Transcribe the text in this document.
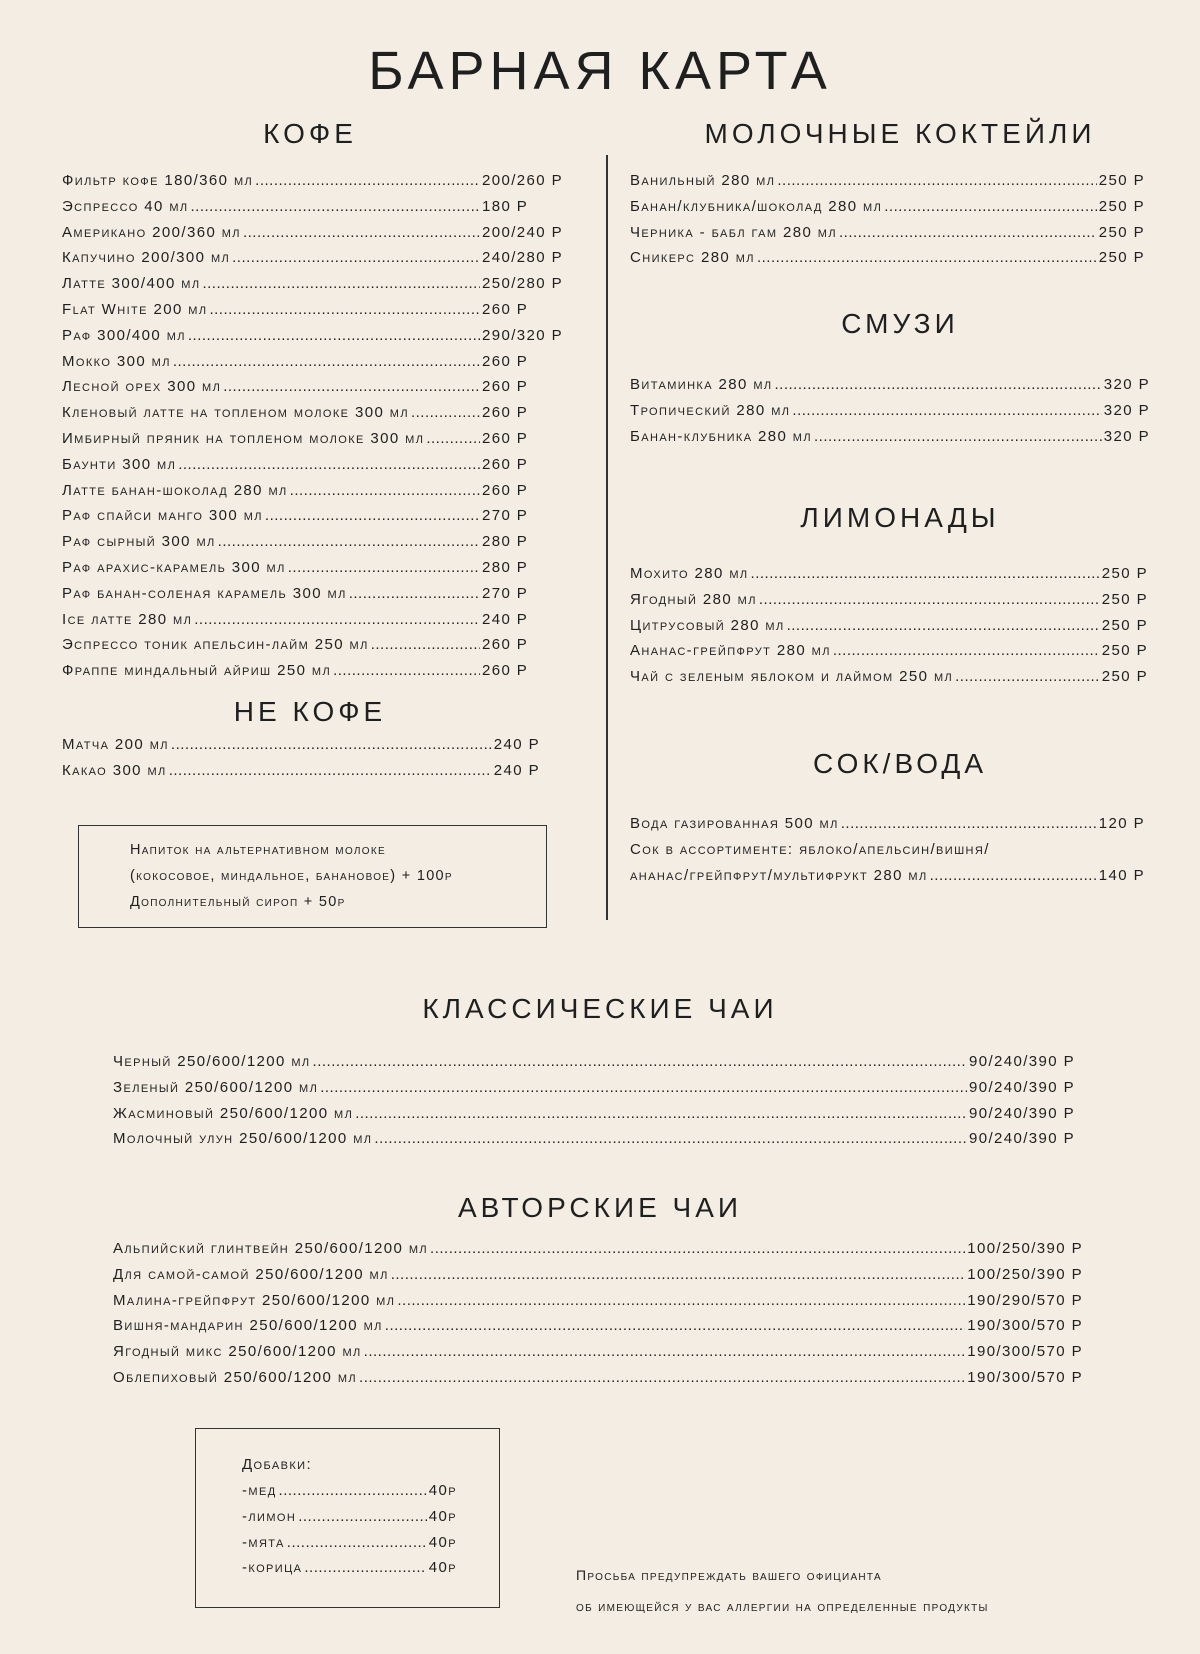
БАРНАЯ КАРТА
КОФЕ
Фильтр кофе 180/360 мл .....	200/260 Р
Эспрессо 40 мл .....	180 Р
Американо 200/360 мл .....	200/240 Р
Капучино 200/300 мл .....	240/280 Р
Латте 300/400 мл .....	250/280 Р
Flat White 200 мл .....	260 Р
Раф 300/400 мл .....	290/320 Р
Мокко 300 мл .....	260 Р
Лесной орех 300 мл .....	260 Р
Кленовый латте на топленом молоке 300 мл .....	260 Р
Имбирный пряник на топленом молоке 300 мл .....	260 Р
Баунти 300 мл .....	260 Р
Латте банан-шоколад 280 мл .....	260 Р
Раф спайси манго 300 мл .....	270 Р
Раф сырный 300 мл .....	280 Р
Раф арахис-карамель 300 мл .....	280 Р
Раф банан-соленая карамель 300 мл .....	270 Р
Ice латте 280 мл .....	240 Р
Эспрессо тоник апельсин-лайм 250 мл .....	260 Р
Фраппе миндальный айриш 250 мл .....	260 Р
НЕ КОФЕ
Матча 200 мл .....	240 Р
Какао 300 мл .....	240 Р
Напиток на альтернативном молоке
(кокосовое, миндальное, банановое) + 100р
Дополнительный сироп + 50р
МОЛОЧНЫЕ КОКТЕЙЛИ
Ванильный 280 мл .....	250 Р
Банан/клубника/шоколад 280 мл .....	250 Р
Черника - бабл гам 280 мл .....	250 Р
Сникерс 280 мл .....	250 Р
СМУЗИ
Витаминка 280 мл .....	320 Р
Тропический 280 мл .....	320 Р
Банан-клубника 280 мл .....	320 Р
ЛИМОНАДЫ
Мохито 280 мл .....	250 Р
Ягодный 280 мл .....	250 Р
Цитрусовый 280 мл .....	250 Р
Ананас-грейпфрут 280 мл .....	250 Р
Чай с зеленым яблоком и лаймом 250 мл .....	250 Р
СОК/ВОДА
Вода газированная 500 мл .....	120 Р
Сок в ассортименте: яблоко/апельсин/вишня/
ананас/грейпфрут/мультифрукт 280 мл .....	140 Р
КЛАССИЧЕСКИЕ ЧАИ
Черный 250/600/1200 мл .....	90/240/390 Р
Зеленый 250/600/1200 мл .....	90/240/390 Р
Жасминовый 250/600/1200 мл .....	90/240/390 Р
Молочный улун 250/600/1200 мл .....	90/240/390 Р
АВТОРСКИЕ ЧАИ
Альпийский глинтвейн 250/600/1200 мл .....	100/250/390 Р
Для самой-самой 250/600/1200 мл .....	100/250/390 Р
Малина-грейпфрут 250/600/1200 мл .....	190/290/570 Р
Вишня-мандарин 250/600/1200 мл .....	190/300/570 Р
Ягодный микс 250/600/1200 мл .....	190/300/570 Р
Облепиховый 250/600/1200 мл .....	190/300/570 Р
Добавки:
-мед .....	40р
-лимон .....	40р
-мята .....	40р
-корица .....	40р	Просьба предупреждать вашего официанта
об имеющейся у вас аллергии на определенные продукты
